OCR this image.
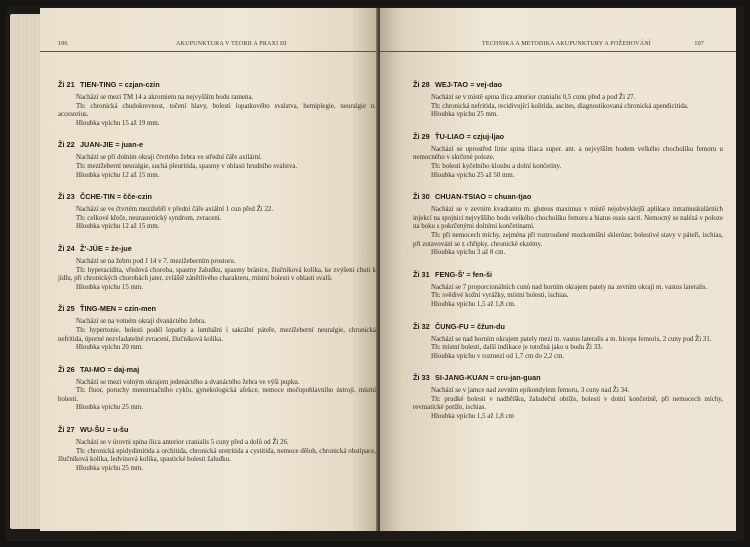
106	AKUPUNKTURA V TEORII A PRAXI III
Ži 21 TIEN-TING = czjan-czin

Nachází se mezi TM 14 a akromiem na nejvyšším bodu ramena.

Th: chronická chudokrevnost, točení hlavy, bolesti lopatkového svalstva, hemiplegie, neuralgie n. accesorius.

Hloubka vpichu 15 až 19 mm.

Ži 22 JUAN-JIE = juan-e

Nachází se při dolním okraji čtvrtého žebra ve střední čáře axilární.

Th: mezižeberní neuralgie, suchá pleuritida, spasmy v oblasti hrudního svalstva.

Hloubka vpichu 12 až 15 mm.

Ži 23 ČCHE-TIN = čče-czin

Nachází se ve čtvrtém mezižebří v přední čáře axiální 1 cun před Ži 22.

Th: celkové křeče, neurastenický syndrom, zvracení.

Hloubka vpichu 12 až 15 mm.

Ži 24 Ž'-JÜE = že-jue

Nachází se na žebru pod J 14 v 7. mezižeberním prostoru.

Th: hyperacidita, vředová choroba, spasmy žaludku, spasmy bránice, žlučníková kolika, ke zvýšení chuti k jídlu, při chronických chorobách jater, zvláště zánětlivého charakteru, místní bolesti v oblasti svalů.

Hloubka vpichu 15 mm.

Ži 25 ŤING-MEN = czin-men

Nachází se na volném okraji dvanáctého žebra.

Th: hypertonie, bolesti podél lopatky a lumbální i sakrální páteře, mezižeberní neuralgie, chronická nefritida, úporné nezvladatelné zvracení, žlučníková kolika.

Hloubka vpichu 20 mm.

Ži 26 TAI-MO = daj-maj

Nachází se mezi volným okrajem jedenáctého a dvanáctého žebra ve výši pupku.

Th: fluor, poruchy menstruačního cyklu, gynekologická afekce, nemoce močopohlavního ústrojí, místní bolesti.

Hloubka vpichu 25 mm.

Ži 27 WU-ŠU = u-šu

Nachází se v úrovni spina ilica anterior cranialis 5 cuny před a dolů od Ži 26.

Th: chronická epidydimitida a orchitida, chronická uretritida a cystitida, nemoce děloh, chronická obstipace, žlučníková kolika, ledvinová kolika, spastické bolesti žaludku.

Hloubka vpichu 25 mm.

TECHNIKA A METODIKA AKUPUNKTURY A POŽEHOVÁNÍ	107
Ži 28 WEJ-TAO = vej-dao

Nachází se v místě spina ilica anterior cranialis 0,5 cunu před a pod Ži 27.

Th: chronická nefritida, recidivující kolitida, ascites, diagnostikovaná chronická apendicitida.

Hloubka vpichu 25 mm.

Ži 29 ŤU-LIAO = czjuj-ljao

Nachází se uprostřed linie spina iliaca super. ant. a nejvyšším hodem velkého chocholíku femoru u nemocného v skrčené poloze.

Th: bolesti kyčelního kloubu a dolní končetiny.

Hloubka vpichu 25 až 50 mm.

Ži 30 CHUAN-TSIAO = chuan-tjao

Nachází se v zevním kvadrantu m. gluteus maximus v místě nejobvyklejší aplikace intramuskulárních injekcí na spojnici nejvyššího bodu velkého chocholíku femoru a hiatus ossis sacri. Nemocný se nalézá v poloze na boku s pokrčenými dolními končetinami.

Th: při nemocech míchy, zejména při roztroušené mozkomíšní skleróze; bolestivé stavy v páteři, ischias, při zotavování se z chřipky, chronické ekzémy.

Hloubka vpichu 3 až 8 cm.

Ži 31 FENG-Š' = fen-ši

Nachází se 7 proporcionálních cunů nad horním okrajem pately na zevním okraji m. vastus lateralis.

Th: svědivé kožní vyrážky, místní bolesti, ischias.

Hloubka vpichu 1,5 až 1,8 cm.

Ži 32 ČUNG-FU = čžun-du

Nachází se nad horním okrajem pately mezi m. vastus lateralis a m. biceps femoris, 2 cuny pod Ži 31.

Th: místní bolesti, další indikace je totožná jako u bodu Ži 33.

Hloubka vpichu v rozmezí od 1,7 cm do 2,2 cm.

Ži 33 SI-JANG-KUAN = cru-jan-guan

Nachází se v jamce nad zevním epikondylem femoru, 3 cuny nad Ži 34.

Th: prudké bolesti v nadbřišku, žaludeční obtíže, bolesti v dolní končetině, při nemocech míchy, revmatické potíže, ischias.

Hloubka vpichu 1,5 až 1,8 cm
